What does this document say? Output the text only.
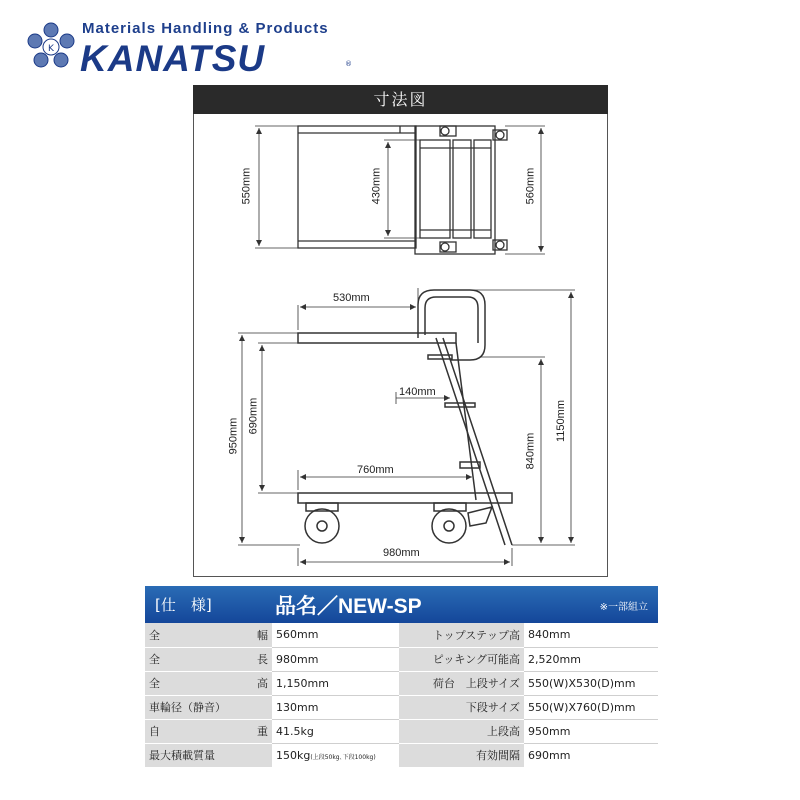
K
Materials Handling & Products
KANATSU	®
寸法図
550mm	430mm	560mm
530mm
140mm
760mm
980mm
950mm
690mm
840mm
1150mm
[仕　様]	品名／NEW-SP	※一部組立
全 幅	560mm	トップステップ高	840mm

全 長	980mm	ピッキング可能高	2,520mm

全 高	1,150mm	荷台　上段サイズ	550(W)X530(D)mm
車輪径（静音）	130mm	下段サイズ	550(W)X760(D)mm

自 重	41.5kg	上段高	950mm
最大積載質量	150kg(上段50kg､下段100kg)	有効間隔	690mm
